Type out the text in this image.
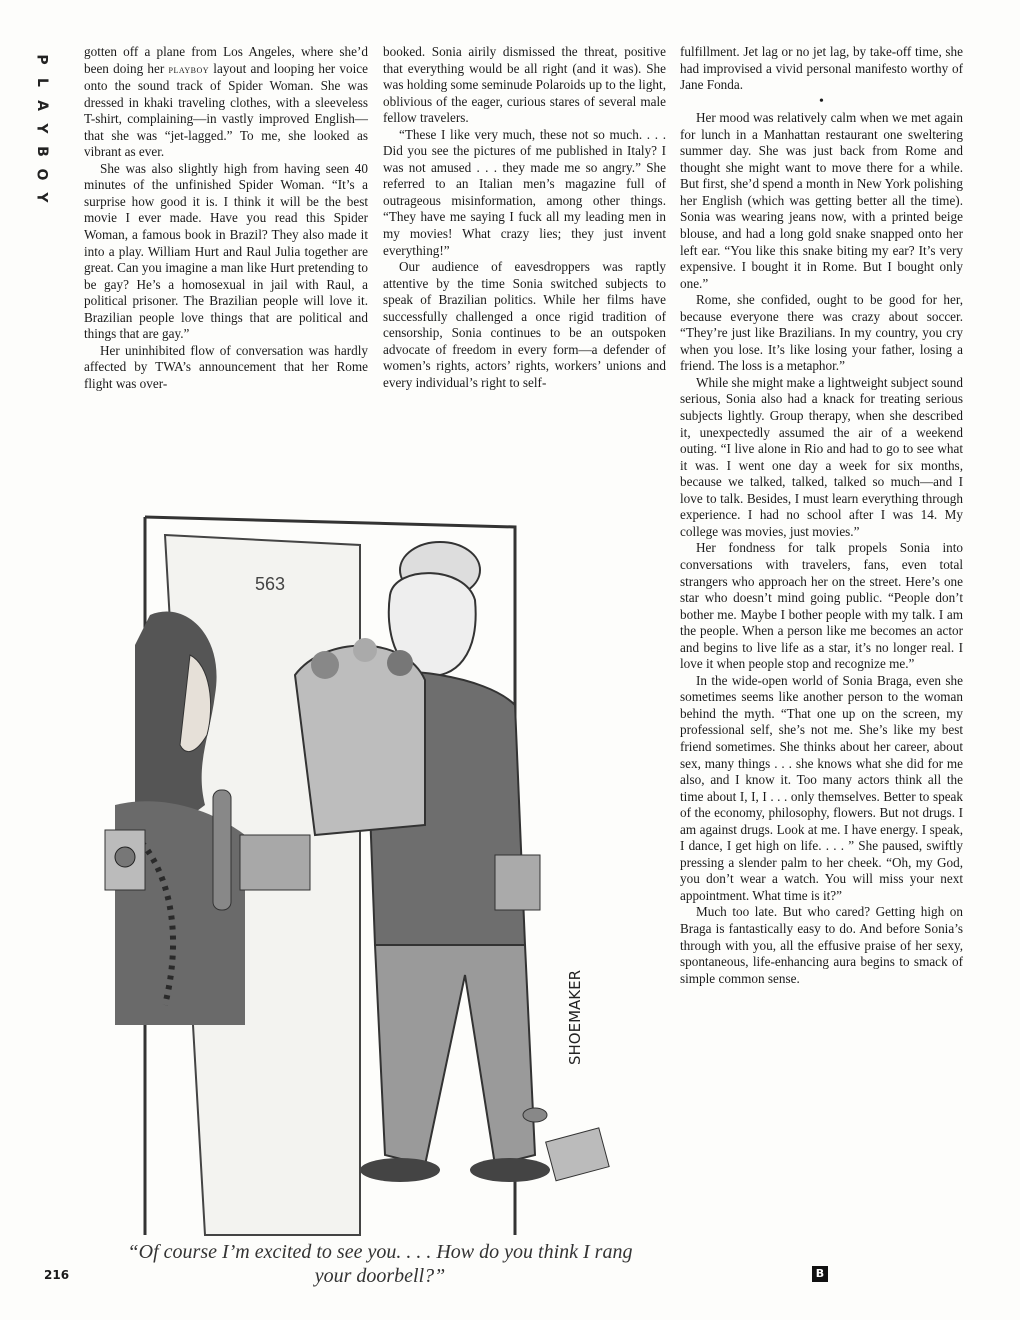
P
L
A
Y
B
O
Y

gotten off a plane from Los Angeles, where she’d been doing her playboy layout and looping her voice onto the sound track of Spider Woman. She was dressed in khaki traveling clothes, with a sleeveless T-shirt, complaining—in vastly improved English—that she was “jet-lagged.” To me, she looked as vibrant as ever.

She was also slightly high from having seen 40 minutes of the unfinished Spider Woman. “It’s a surprise how good it is. I think it will be the best movie I ever made. Have you read this Spider Woman, a famous book in Brazil? They also made it into a play. William Hurt and Raul Julia together are great. Can you imagine a man like Hurt pretending to be gay? He’s a homosexual in jail with Raul, a political prisoner. The Brazilian people will love it. Brazilian people love things that are political and things that are gay.”

Her uninhibited flow of conversation was hardly affected by TWA’s announcement that her Rome flight was over-

booked. Sonia airily dismissed the threat, positive that everything would be all right (and it was). She was holding some seminude Polaroids up to the light, oblivious of the eager, curious stares of several male fellow travelers.

“These I like very much, these not so much. . . . Did you see the pictures of me published in Italy? I was not amused . . . they made me so angry.” She referred to an Italian men’s magazine full of outrageous misinformation, among other things. “They have me saying I fuck all my leading men in my movies! What crazy lies; they just invent everything!”

Our audience of eavesdroppers was raptly attentive by the time Sonia switched subjects to speak of Brazilian politics. While her films have successfully challenged a once rigid tradition of censorship, Sonia continues to be an outspoken advocate of freedom in every form—a defender of women’s rights, actors’ rights, workers’ unions and every individual’s right to self-

fulfillment. Jet lag or no jet lag, by take-off time, she had improvised a vivid personal manifesto worthy of Jane Fonda.

•

Her mood was relatively calm when we met again for lunch in a Manhattan restaurant one sweltering summer day. She was just back from Rome and thought she might want to move there for a while. But first, she’d spend a month in New York polishing her English (which was getting better all the time). Sonia was wearing jeans now, with a printed beige blouse, and had a long gold snake snapped onto her left ear. “You like this snake biting my ear? It’s very expensive. I bought it in Rome. But I bought only one.”

Rome, she confided, ought to be good for her, because everyone there was crazy about soccer. “They’re just like Brazilians. In my country, you cry when you lose. It’s like losing your father, losing a friend. The loss is a metaphor.”

While she might make a lightweight subject sound serious, Sonia also had a knack for treating serious subjects lightly. Group therapy, when she described it, unexpectedly assumed the air of a weekend outing. “I live alone in Rio and had to go to see what it was. I went one day a week for six months, because we talked, talked, talked so much—and I love to talk. Besides, I must learn everything through experience. I had no school after I was 14. My college was movies, just movies.”

Her fondness for talk propels Sonia into conversations with travelers, fans, even total strangers who approach her on the street. Here’s one star who doesn’t mind going public. “People don’t bother me. Maybe I bother people with my talk. I am the people. When a person like me becomes an actor and begins to live life as a star, it’s no longer real. I love it when people stop and recognize me.”

In the wide-open world of Sonia Braga, even she sometimes seems like another person to the woman behind the myth. “That one up on the screen, my professional self, she’s not me. She’s like my best friend sometimes. She thinks about her career, about sex, many things . . . she knows what she did for me also, and I know it. Too many actors think all the time about I, I, I . . . only themselves. Better to speak of the economy, philosophy, flowers. But not drugs. I am against drugs. Look at me. I have energy. I speak, I dance, I get high on life. . . . ” She paused, swiftly pressing a slender palm to her cheek. “Oh, my God, you don’t wear a watch. You will miss your next appointment. What time is it?”

Much too late. But who cared? Getting high on Braga is fantastically easy to do. And before Sonia’s through with you, all the effusive praise of her sexy, spontaneous, life-enhancing aura begins to smack of simple common sense.

563
SHOEMAKER
“Of course I’m excited to see you. . . . How do you think I rang your doorbell?”
216	B
